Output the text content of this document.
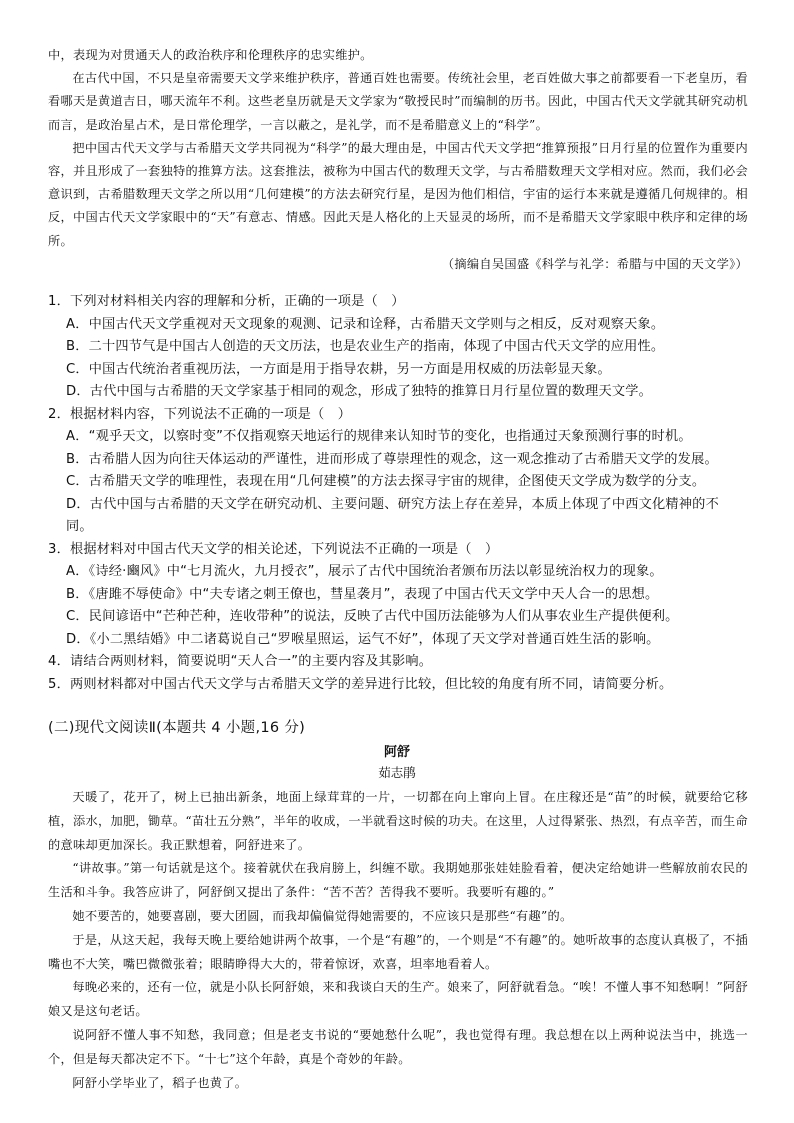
中，表现为对贯通天人的政治秩序和伦理秩序的忠实维护。

在古代中国，不只是皇帝需要天文学来维护秩序，普通百姓也需要。传统社会里，老百姓做大事之前都要看一下老皇历，看看哪天是黄道吉日，哪天流年不利。这些老皇历就是天文学家为“敬授民时”而编制的历书。因此，中国古代天文学就其研究动机而言，是政治星占术，是日常伦理学，一言以蔽之，是礼学，而不是希腊意义上的“科学”。

把中国古代天文学与古希腊天文学共同视为“科学”的最大理由是，中国古代天文学把“推算预报”日月行星的位置作为重要内容，并且形成了一套独特的推算方法。这套推法，被称为中国古代的数理天文学，与古希腊数理天文学相对应。然而，我们必会意识到，古希腊数理天文学之所以用“几何建模”的方法去研究行星，是因为他们相信，宇宙的运行本来就是遵循几何规律的。相反，中国古代天文学家眼中的“天”有意志、情感。因此天是人格化的上天显灵的场所，而不是希腊天文学家眼中秩序和定律的场所。

（摘编自吴国盛《科学与礼学：希腊与中国的天文学》）

1．下列对材料相关内容的理解和分析，正确的一项是（　）

A．中国古代天文学重视对天文现象的观测、记录和诠释，古希腊天文学则与之相反，反对观察天象。

B．二十四节气是中国古人创造的天文历法，也是农业生产的指南，体现了中国古代天文学的应用性。

C．中国古代统治者重视历法，一方面是用于指导农耕，另一方面是用权威的历法彰显天象。

D．古代中国与古希腊的天文学家基于相同的观念，形成了独特的推算日月行星位置的数理天文学。

2．根据材料内容，下列说法不正确的一项是（　）

A．“观乎天文，以察时变”不仅指观察天地运行的规律来认知时节的变化，也指通过天象预测行事的时机。

B．古希腊人因为向往天体运动的严谨性，进而形成了尊崇理性的观念，这一观念推动了古希腊天文学的发展。

C．古希腊天文学的唯理性，表现在用“几何建模”的方法去探寻宇宙的规律，企图使天文学成为数学的分支。

D．古代中国与古希腊的天文学在研究动机、主要问题、研究方法上存在差异，本质上体现了中西文化精神的不

同。

3．根据材料对中国古代天文学的相关论述，下列说法不正确的一项是（　）

A．《诗经·豳风》中“七月流火，九月授衣”，展示了古代中国统治者颁布历法以彰显统治权力的现象。

B．《唐雎不辱使命》中“夫专诸之刺王僚也，彗星袭月”，表现了中国古代天文学中天人合一的思想。

C．民间谚语中“芒种芒种，连收带种”的说法，反映了古代中国历法能够为人们从事农业生产提供便利。

D．《小二黑结婚》中二诸葛说自己“罗喉星照运，运气不好”，体现了天文学对普通百姓生活的影响。

4．请结合两则材料，简要说明“天人合一”的主要内容及其影响。

5．两则材料都对中国古代天文学与古希腊天文学的差异进行比较，但比较的角度有所不同，请简要分析。

(二)现代文阅读Ⅱ(本题共 4 小题,16 分)
阿舒
茹志鹃

天暖了，花开了，树上已抽出新条，地面上绿茸茸的一片，一切都在向上窜向上冒。在庄稼还是“苗”的时候，就要给它移植，添水，加肥，锄草。“苗壮五分熟”，半年的收成，一半就看这时候的功夫。在这里，人过得紧张、热烈，有点辛苦，而生命的意味却更加深长。我正默想着，阿舒进来了。

“讲故事。”第一句话就是这个。接着就伏在我肩膀上，纠缠不歇。我期她那张娃娃脸看着，便决定给她讲一些解放前农民的生活和斗争。我答应讲了，阿舒倒又提出了条件：“苦不苦？苦得我不要听。我要听有趣的。”

她不要苦的，她要喜剧，要大团圆，而我却偏偏觉得她需要的，不应该只是那些“有趣”的。

于是，从这天起，我每天晚上要给她讲两个故事，一个是“有趣”的，一个则是“不有趣”的。她听故事的态度认真极了，不插嘴也不大笑，嘴巴微微张着；眼睛睁得大大的，带着惊讶，欢喜，坦率地看着人。

每晚必来的，还有一位，就是小队长阿舒娘，来和我谈白天的生产。娘来了，阿舒就看急。“唉！不懂人事不知愁啊！”阿舒娘又是这句老话。

说阿舒不懂人事不知愁，我同意；但是老支书说的“要她愁什么呢”，我也觉得有理。我总想在以上两种说法当中，挑选一个，但是每天都决定不下。“十七”这个年龄，真是个奇妙的年龄。

阿舒小学毕业了，稻子也黄了。
